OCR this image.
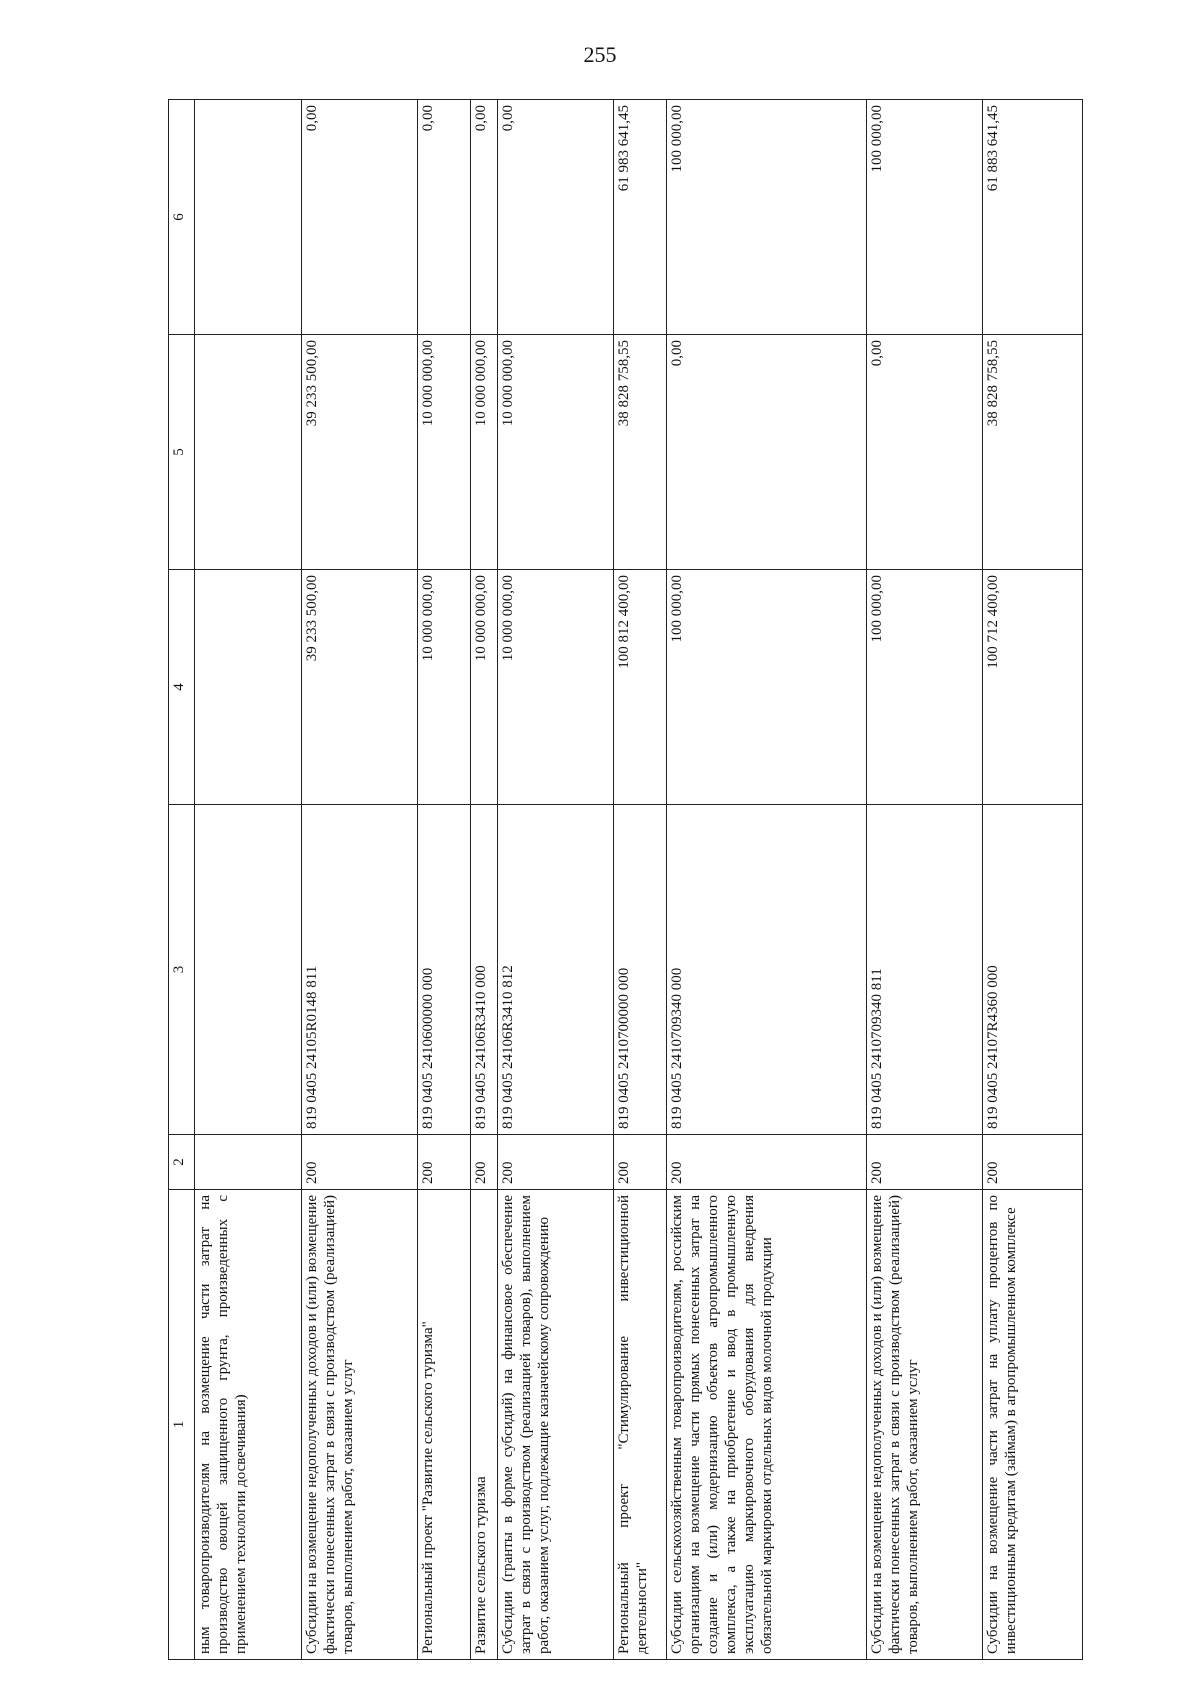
255
1	2	3	4	5	6
ным товаропроизводителям на возмещение части затрат на производство овощей защищенного грунта, произведенных с применением технологии досвечивания)					
Субсидии на возмещение недополученных доходов и (или) возмещение фактически понесенных затрат в связи с производством (реализацией) товаров, выполнением работ, оказанием услуг	200	819 0405 24105R0148 811	39 233 500,00	39 233 500,00	0,00
Региональный проект "Развитие сельского туризма"	200	819 0405 2410600000 000	10 000 000,00	10 000 000,00	0,00
Развитие сельского туризма	200	819 0405 24106R3410 000	10 000 000,00	10 000 000,00	0,00
Субсидии (гранты в форме субсидий) на финансовое обеспечение затрат в связи с производством (реализацией товаров), выполнением работ, оказанием услуг, подлежащие казначейскому сопровождению	200	819 0405 24106R3410 812	10 000 000,00	10 000 000,00	0,00
Региональный проект "Стимулирование инвестиционной деятельности"	200	819 0405 2410700000 000	100 812 400,00	38 828 758,55	61 983 641,45
Субсидии сельскохозяйственным товаропроизводителям, российским организациям на возмещение части прямых понесенных затрат на создание и (или) модернизацию объектов агропромышленного комплекса, а также на приобретение и ввод в промышленную эксплуатацию маркировочного оборудования для внедрения обязательной маркировки отдельных видов молочной продукции	200	819 0405 2410709340 000	100 000,00	0,00	100 000,00
Субсидии на возмещение недополученных доходов и (или) возмещение фактически понесенных затрат в связи с производством (реализацией) товаров, выполнением работ, оказанием услуг	200	819 0405 2410709340 811	100 000,00	0,00	100 000,00
Субсидии на возмещение части затрат на уплату процентов по инвестиционным кредитам (займам) в агропромышленном комплексе	200	819 0405 24107R4360 000	100 712 400,00	38 828 758,55	61 883 641,45
